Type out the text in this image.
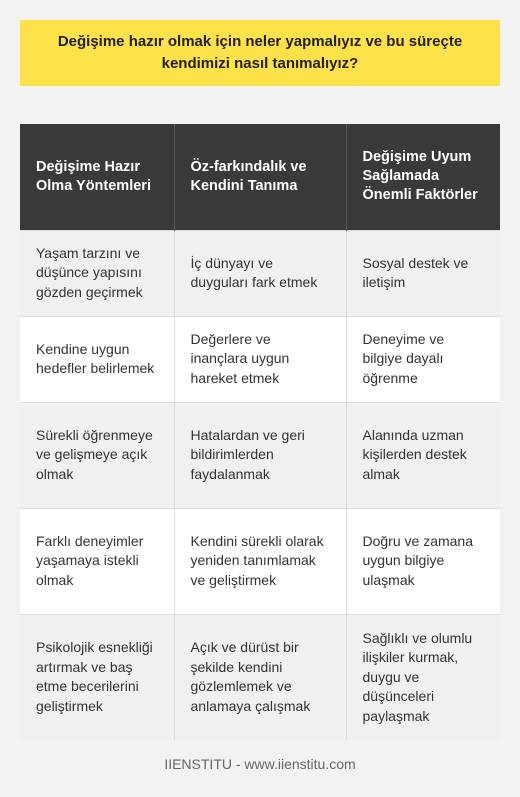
Değişime hazır olmak için neler yapmalıyız ve bu süreçte kendimizi nasıl tanımalıyız?
Değişime Hazır Olma Yöntemleri	Öz-farkındalık ve Kendini Tanıma	Değişime Uyum Sağlamada Önemli Faktörler
Yaşam tarzını ve düşünce yapısını gözden geçirmek	İç dünyayı ve duyguları fark etmek	Sosyal destek ve iletişim
Kendine uygun hedefler belirlemek	Değerlere ve inançlara uygun hareket etmek	Deneyime ve bilgiye dayalı öğrenme
Sürekli öğrenmeye ve gelişmeye açık olmak	Hatalardan ve geri bildirimlerden faydalanmak	Alanında uzman kişilerden destek almak
Farklı deneyimler yaşamaya istekli olmak	Kendini sürekli olarak yeniden tanımlamak ve geliştirmek	Doğru ve zamana uygun bilgiye ulaşmak
Psikolojik esnekliği artırmak ve baş etme becerilerini geliştirmek	Açık ve dürüst bir şekilde kendini gözlemlemek ve anlamaya çalışmak	Sağlıklı ve olumlu ilişkiler kurmak, duygu ve düşünceleri paylaşmak
IIENSTITU - www.iienstitu.com
